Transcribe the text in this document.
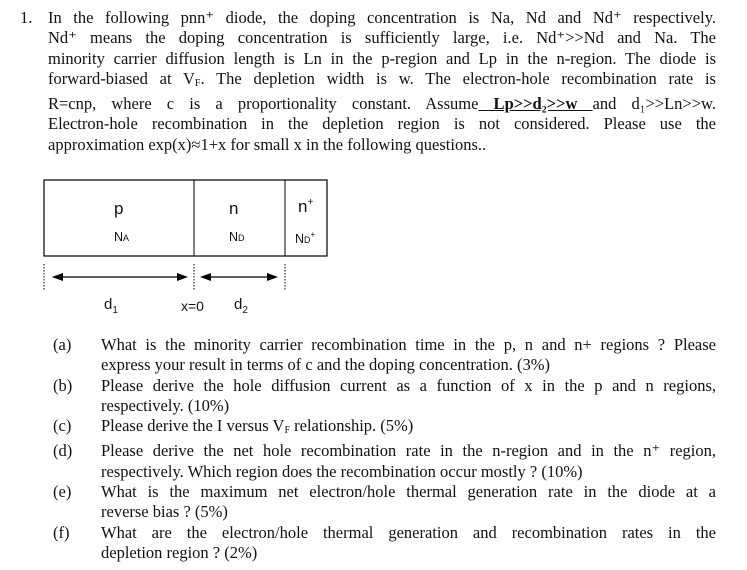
1. In the following pnn⁺ diode, the doping concentration is Na, Nd and Nd⁺ respectively.
Nd⁺ means the doping concentration is sufficiently large, i.e. Nd⁺>>Nd and Na. The
minority carrier diffusion length is Ln in the p-region and Lp in the n-region. The diode is
forward-biased at $V_F$. The depletion width is w. The electron-hole recombination rate is
R=cnp, where c is a proportionality constant. Assume Lp>>d₂>>w and d₁>>Ln>>w.
Electron-hole recombination in the depletion region is not considered. Please use the
approximation exp(x)≈1+x for small x in the following questions..
p	n	n+
NA	ND	ND+
$d_1$	x=0 $d_2$
(a) What is the minority carrier recombination time in the p, n and n+ regions ? Please
express your result in terms of c and the doping concentration. (3%)
(b) Please derive the hole diffusion current as a function of x in the p and n regions,
respectively. (10%)
(c) Please derive the I versus $V_F$ relationship. (5%)
(d) Please derive the net hole recombination rate in the n-region and in the n⁺ region,
respectively. Which region does the recombination occur mostly ? (10%)
(e) What is the maximum net electron/hole thermal generation rate in the diode at a
reverse bias ? (5%)
(f) What are the electron/hole thermal generation and recombination rates in the
depletion region ? (2%)
